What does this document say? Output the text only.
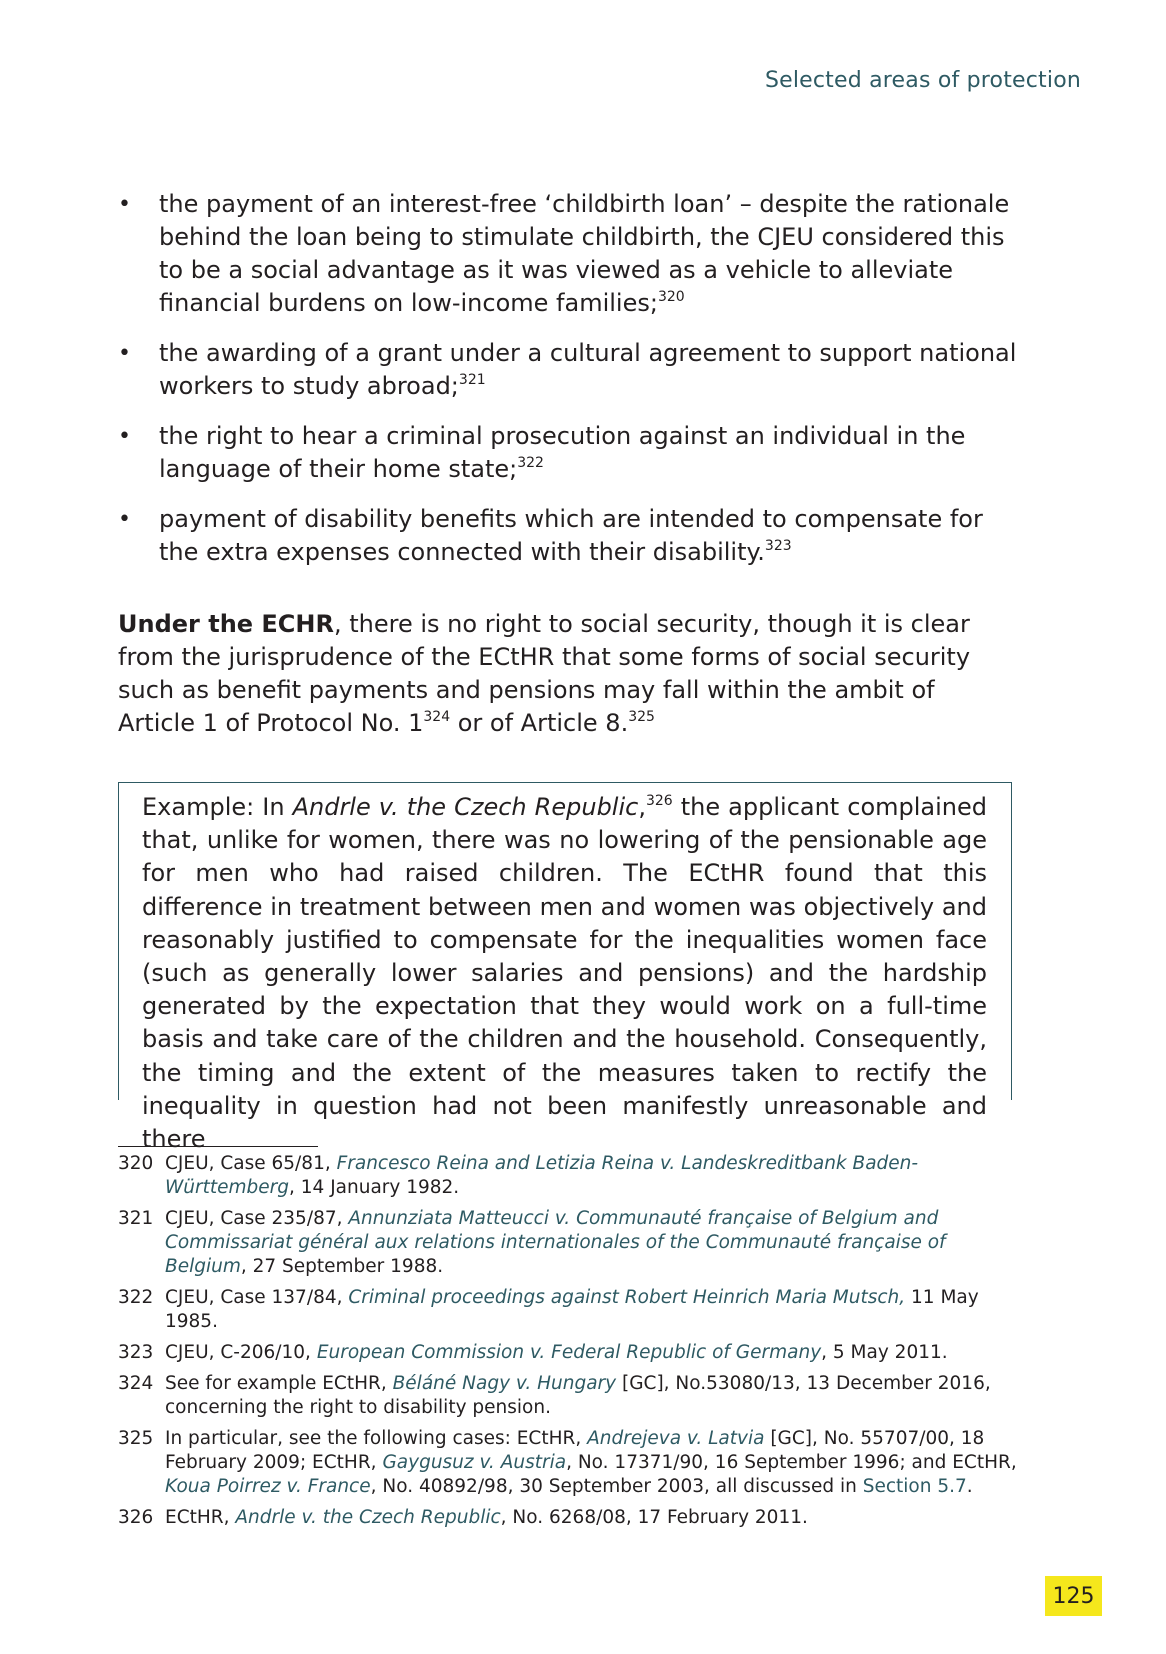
Selected areas of protection
• the payment of an interest-free ‘childbirth loan’ – despite the rationale behind the loan being to stimulate childbirth, the CJEU considered this to be a social advantage as it was viewed as a vehicle to alleviate financial burdens on low-income families;$^{320}$
• the awarding of a grant under a cultural agreement to support national workers to study abroad;$^{321}$
• the right to hear a criminal prosecution against an individual in the language of their home state;$^{322}$
• payment of disability benefits which are intended to compensate for the extra expenses connected with their disability.$^{323}$

Under the ECHR, there is no right to social security, though it is clear from the jurisprudence of the ECtHR that some forms of social security such as benefit payments and pensions may fall within the ambit of Article 1 of Protocol No. $1^{324}$ or of Article 8.$^{325}$

Example: In Andrle v. the Czech Republic,$^{326}$ the applicant complained that, unlike for women, there was no lowering of the pensionable age for men who had raised children. The ECtHR found that this difference in treatment between men and women was objectively and reasonably justified to compensate for the inequalities women face (such as generally lower salaries and pensions) and the hardship generated by the expectation that they would work on a full-time basis and take care of the children and the household. Consequently, the timing and the extent of the measures taken to rectify the inequality in question had not been manifestly unreasonable and there

320 CJEU, Case 65/81, Francesco Reina and Letizia Reina v. Landeskreditbank Baden-Württemberg, 14 January 1982.
321 CJEU, Case 235/87, Annunziata Matteucci v. Communauté française of Belgium and Commissariat général aux relations internationales of the Communauté française of Belgium, 27 September 1988.
322 CJEU, Case 137/84, Criminal proceedings against Robert Heinrich Maria Mutsch, 11 May 1985.
323 CJEU, C-206/10, European Commission v. Federal Republic of Germany, 5 May 2011.
324 See for example ECtHR, Béláné Nagy v. Hungary [GC], No.53080/13, 13 December 2016, concerning the right to disability pension.
325 In particular, see the following cases: ECtHR, Andrejeva v. Latvia [GC], No. 55707/00, 18 February 2009; ECtHR, Gaygusuz v. Austria, No. 17371/90, 16 September 1996; and ECtHR, Koua Poirrez v. France, No. 40892/98, 30 September 2003, all discussed in Section 5.7.
326 ECtHR, Andrle v. the Czech Republic, No. 6268/08, 17 February 2011.
125
